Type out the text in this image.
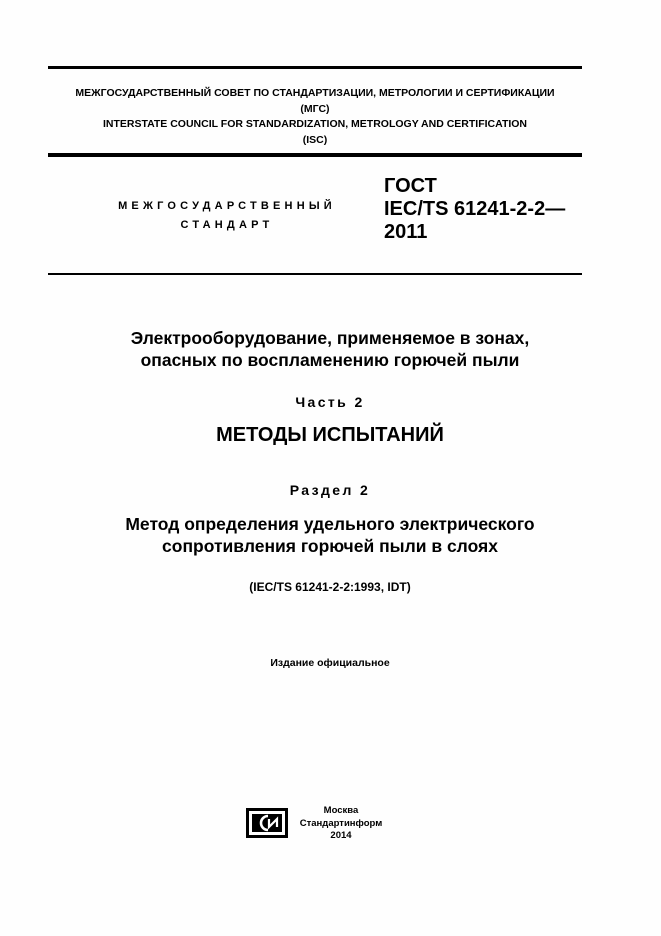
МЕЖГОСУДАРСТВЕННЫЙ СОВЕТ ПО СТАНДАРТИЗАЦИИ, МЕТРОЛОГИИ И СЕРТИФИКАЦИИ
(МГС)
INTERSTATE COUNCIL FOR STANDARDIZATION, METROLOGY AND CERTIFICATION
(ISC)
МЕЖГОСУДАРСТВЕННЫЙ
СТАНДАРТ
ГОСТ
IEC/TS 61241-2-2—
2011
Электрооборудование, применяемое в зонах,
опасных по воспламенению горючей пыли
Часть 2
МЕТОДЫ ИСПЫТАНИЙ
Раздел 2
Метод определения удельного электрического
сопротивления горючей пыли в слоях
(IEC/TS 61241-2-2:1993, IDT)
Издание официальное
Москва
Стандартинформ
2014
